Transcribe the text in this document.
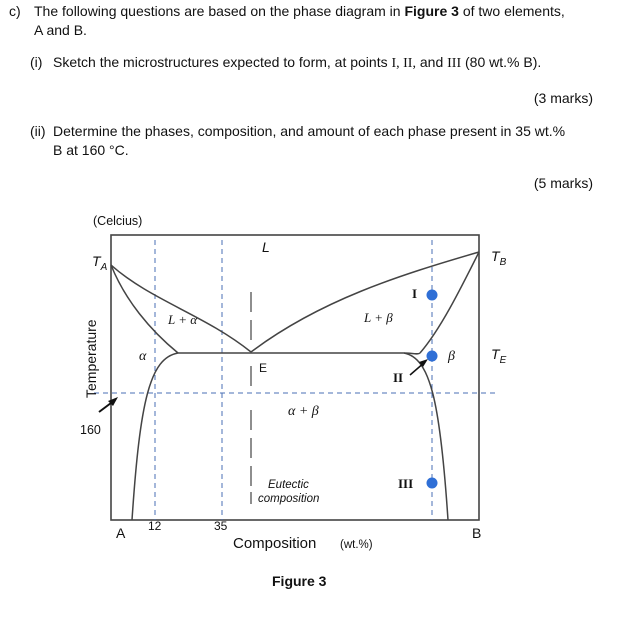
c) The following questions are based on the phase diagram in Figure 3 of two elements,
A and B.
(i) Sketch the microstructures expected to form, at points I, II, and III (80 wt.% B).
(3 marks)
(ii) Determine the phases, composition, and amount of each phase present in 35 wt.%
B at 160 °C.
(5 marks)
(Celcius)
$T_A$
$T_B$
$T_E$
L
L + α	L + β
α	β
α + β
E
Eutectic
composition
I
II
III
160
Temperature
A 12	35	B
Composition (wt.%)
Figure 3
